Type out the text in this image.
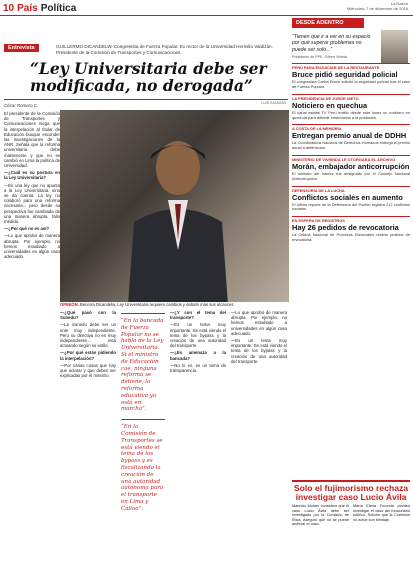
10 País Política	La Razón
Miércoles, 7 de diciembre de 2016
Entrevista	GUILLERMO DICANDELW. Congresista de Fuerza Popular. Ex rector de la Universidad Hermilio Valdizán. Presidente de la Comisión de Transportes y Comunicaciones.
“Ley Universitaria debe ser modificada, no derogada”
LUIS SALAZAR
César Romero C.

El presidente de la Comisión de Transportes y Comunicaciones niega que la interpelación al titular de Educación busque esconder las investigaciones de la ANR. Señala que la reforma universitaria debe mantenerse y que no se cambió en Lima la política de Universidad.

—¿Cuál es su postura en la Ley Universitaria?

—Es una ley que no apunta a la Ley Universitaria, sino se da cuenta. La ley no colaboró para una reforma necesaria... pero desde su perspectiva fue cambiada de una manera abrupta, fallo medido.

—¿Por qué no es así?

—Lo que aprobó de manera abrupta. Por ejemplo, no hemos estudiado a universidades en algún caso adecuado.

OPINIÓN. Becerra Dicandelw, Ley Universitaria requiere cambios y debatir más sus alcances.

—¿Qué pasó con la Sunedu?

—La Sunedu debe ser un ente muy independiente. Pero su directiva no es muy independiente... está actuando según su estilo.

—¿Por qué están pidiendo la interpelación?

—Por varias cosas que hay que aclarar y que deben ser explicadas por el ministro.

“En la bancada de Fuerza Popular no se habla de la Ley Universitaria. Si el ministro de Educación cae, ninguna reforma se detiene, la reforma educativa ya está en marcha”.

“En la Comisión de Transportes se está viendo el tema de los bypass y es fiscalizando la creación de una autoridad autónoma para el transporte en Lima y Callao”.

—¿Y con el tema del transporte?

—Es un tema muy importante. Se está viendo el tema de los bypass y la creación de una autoridad del transporte.

—¿Es amenaza a la bancada?

—No lo es, es un tema de transparencia.

—Lo que aprobó de manera abrupta. Por ejemplo, no hemos estudiado a universidades en algún caso adecuado.

—Es un tema muy importante. Se está viendo el tema de los bypass y la creación de una autoridad del transporte.

DESDE ADENTRO
“Tienen que ir a ver en su espacio por qué superar problemas no puede ser solo...”
Presidente de PPK, Gilbert Violeta
PERÚ PARA ENJUICIAR DE LA RESTAURANTE
Bruce pidió seguridad policial
El congresista Carlos Bruce solicitó la seguridad policial tras el caso de Fuerza Popular.
LA PRESIDENCIA DE JORGE NIETO
Noticiero en quechua
El canal estatal TV Perú emitió desde este lunes un noticiero en quechua para difundir información a la población.
A COSTA DE LA MEMORIA
Entregan premio anual de DDHH
La Coordinadora Nacional de Derechos Humanos entregó el premio anual a defensores.
MINISTERIO DE VIVIENDA LE OTORGARÁ EL ARCHIVO
Morán, embajador anticorrupción
El ministro del Interior fue designado por el Consejo Nacional Anticorrupción.
DEFENSORÍA DE LA LUCHA
Conflictos sociales en aumento
El último reporte de la Defensoría del Pueblo registra 212 conflictos sociales.
EN ESPERA DE REGISTROS
Hay 26 pedidos de revocatoria
La Oficina Nacional de Procesos Electorales recibió pedidos de revocatoria.
Solo el fujimorismo rechaza investigar caso Lucio Ávila
Mauricio Mulder consideró que el caso Lucio Ávila debe ser investigado por la Comisión de Ética. Aseguró que no se puede archivar el caso.
María Elena Foronda planteó investigar el caso del funcionario público. Solicitó que la Comisión no actúe con blindaje.
